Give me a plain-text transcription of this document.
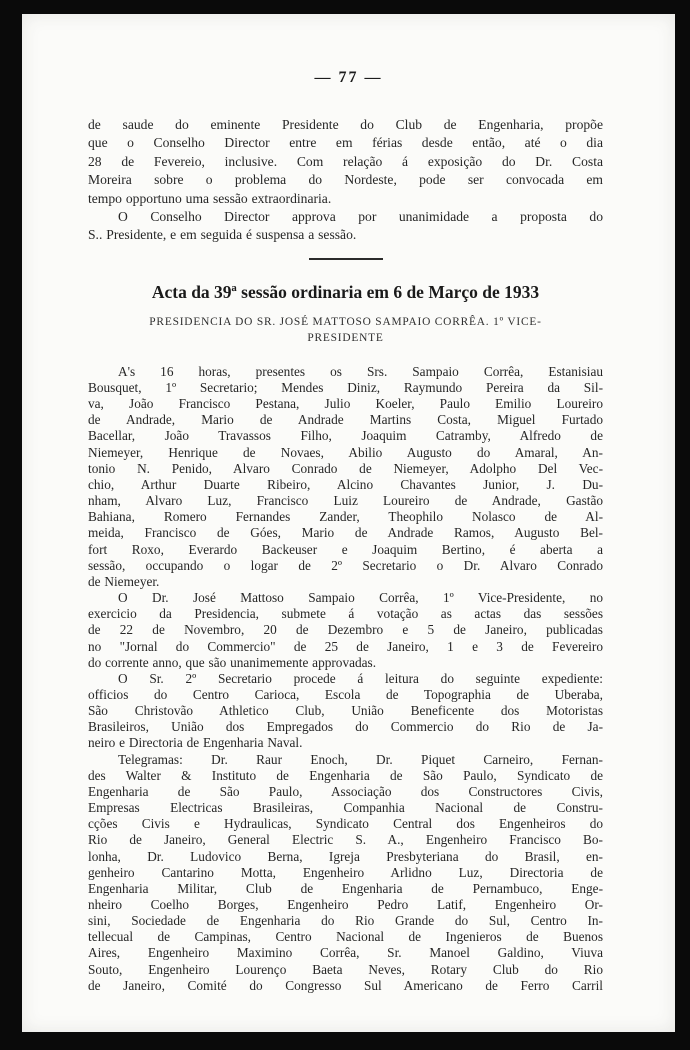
— 77 —
de saude do eminente Presidente do Club de Engenharia, propõe
que o Conselho Director entre em férias desde então, até o dia
28 de Fevereio, inclusive. Com relação á exposição do Dr. Costa
Moreira sobre o problema do Nordeste, pode ser convocada em
tempo opportuno uma sessão extraordinaria.
O Conselho Director approva por unanimidade a proposta do
S.. Presidente, e em seguida é suspensa a sessão.
Acta da 39ª sessão ordinaria em 6 de Março de 1933
PRESIDENCIA DO SR. JOSÉ MATTOSO SAMPAIO CORRÊA. 1º VICE-
PRESIDENTE
A's 16 horas, presentes os Srs. Sampaio Corrêa, Estanisiau
Bousquet, 1º Secretario; Mendes Diniz, Raymundo Pereira da Sil-
va, João Francisco Pestana, Julio Koeler, Paulo Emilio Loureiro
de Andrade, Mario de Andrade Martins Costa, Miguel Furtado
Bacellar, João Travassos Filho, Joaquim Catramby, Alfredo de
Niemeyer, Henrique de Novaes, Abilio Augusto do Amaral, An-
tonio N. Penido, Alvaro Conrado de Niemeyer, Adolpho Del Vec-
chio, Arthur Duarte Ribeiro, Alcino Chavantes Junior, J. Du-
nham, Alvaro Luz, Francisco Luiz Loureiro de Andrade, Gastão
Bahiana, Romero Fernandes Zander, Theophilo Nolasco de Al-
meida, Francisco de Góes, Mario de Andrade Ramos, Augusto Bel-
fort Roxo, Everardo Backeuser e Joaquim Bertino, é aberta a
sessão, occupando o logar de 2º Secretario o Dr. Alvaro Conrado
de Niemeyer.
O Dr. José Mattoso Sampaio Corrêa, 1º Vice-Presidente, no
exercicio da Presidencia, submete á votação as actas das sessões
de 22 de Novembro, 20 de Dezembro e 5 de Janeiro, publicadas
no "Jornal do Commercio" de 25 de Janeiro, 1 e 3 de Fevereiro
do corrente anno, que são unanimemente approvadas.
O Sr. 2º Secretario procede á leitura do seguinte expediente:
officios do Centro Carioca, Escola de Topographia de Uberaba,
São Christovão Athletico Club, União Beneficente dos Motoristas
Brasileiros, União dos Empregados do Commercio do Rio de Ja-
neiro e Directoria de Engenharia Naval.
Telegramas: Dr. Raur Enoch, Dr. Piquet Carneiro, Fernan-
des Walter & Instituto de Engenharia de São Paulo, Syndicato de
Engenharia de São Paulo, Associação dos Constructores Civis,
Empresas Electricas Brasileiras, Companhia Nacional de Constru-
cções Civis e Hydraulicas, Syndicato Central dos Engenheiros do
Rio de Janeiro, General Electric S. A., Engenheiro Francisco Bo-
lonha, Dr. Ludovico Berna, Igreja Presbyteriana do Brasil, en-
genheiro Cantarino Motta, Engenheiro Arlidno Luz, Directoria de
Engenharia Militar, Club de Engenharia de Pernambuco, Enge-
nheiro Coelho Borges, Engenheiro Pedro Latif, Engenheiro Or-
sini, Sociedade de Engenharia do Rio Grande do Sul, Centro In-
tellecual de Campinas, Centro Nacional de Ingenieros de Buenos
Aires, Engenheiro Maximino Corrêa, Sr. Manoel Galdino, Viuva
Souto, Engenheiro Lourenço Baeta Neves, Rotary Club do Rio
de Janeiro, Comité do Congresso Sul Americano de Ferro Carril
